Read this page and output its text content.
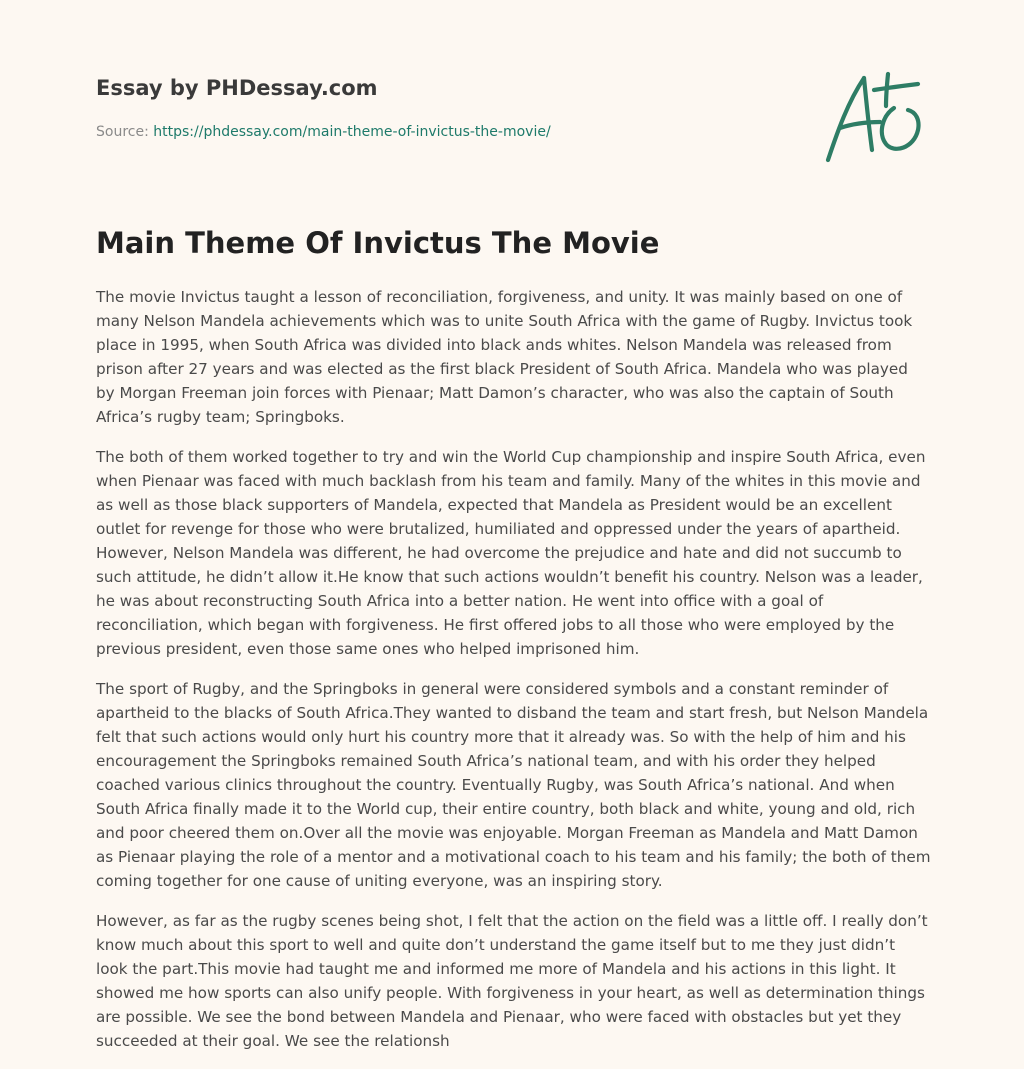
Essay by PHDessay.com
Source: https://phdessay.com/main-theme-of-invictus-the-movie/
Main Theme Of Invictus The Movie

The movie Invictus taught a lesson of reconciliation, forgiveness, and unity. It was mainly based on one of many Nelson Mandela achievements which was to unite South Africa with the game of Rugby. Invictus took place in 1995, when South Africa was divided into black ands whites. Nelson Mandela was released from prison after 27 years and was elected as the first black President of South Africa. Mandela who was played by Morgan Freeman join forces with Pienaar; Matt Damon’s character, who was also the captain of South Africa’s rugby team; Springboks.

The both of them worked together to try and win the World Cup championship and inspire South Africa, even when Pienaar was faced with much backlash from his team and family. Many of the whites in this movie and as well as those black supporters of Mandela, expected that Mandela as President would be an excellent outlet for revenge for those who were brutalized, humiliated and oppressed under the years of apartheid. However, Nelson Mandela was different, he had overcome the prejudice and hate and did not succumb to such attitude, he didn’t allow it.He know that such actions wouldn’t benefit his country. Nelson was a leader, he was about reconstructing South Africa into a better nation. He went into office with a goal of reconciliation, which began with forgiveness. He first offered jobs to all those who were employed by the previous president, even those same ones who helped imprisoned him.

The sport of Rugby, and the Springboks in general were considered symbols and a constant reminder of apartheid to the blacks of South Africa.They wanted to disband the team and start fresh, but Nelson Mandela felt that such actions would only hurt his country more that it already was. So with the help of him and his encouragement the Springboks remained South Africa’s national team, and with his order they helped coached various clinics throughout the country. Eventually Rugby, was South Africa’s national. And when South Africa finally made it to the World cup, their entire country, both black and white, young and old, rich and poor cheered them on.Over all the movie was enjoyable. Morgan Freeman as Mandela and Matt Damon as Pienaar playing the role of a mentor and a motivational coach to his team and his family; the both of them coming together for one cause of uniting everyone, was an inspiring story.

However, as far as the rugby scenes being shot, I felt that the action on the field was a little off. I really don’t know much about this sport to well and quite don’t understand the game itself but to me they just didn’t look the part.This movie had taught me and informed me more of Mandela and his actions in this light. It showed me how sports can also unify people. With forgiveness in your heart, as well as determination things are possible. We see the bond between Mandela and Pienaar, who were faced with obstacles but yet they succeeded at their goal. We see the relationsh
